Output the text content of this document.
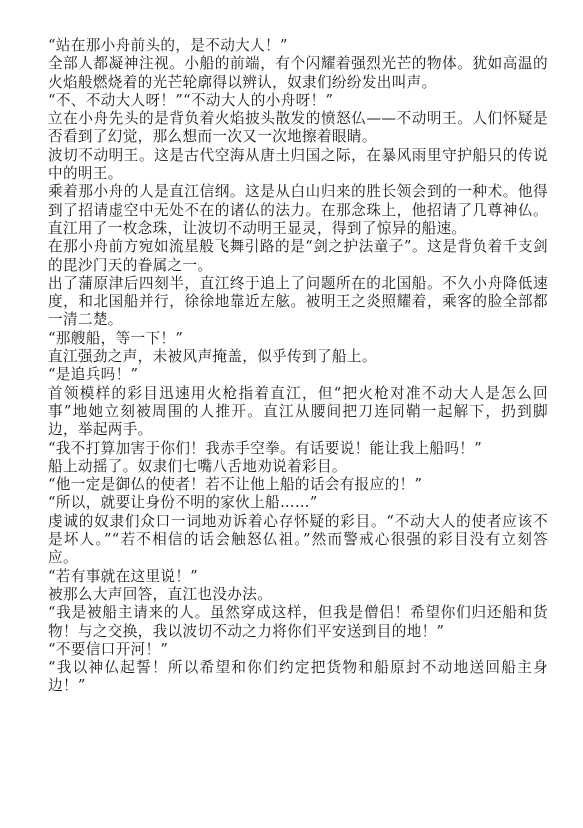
“站在那小舟前头的，是不动大人！”

全部人都凝神注视。小船的前端，有个闪耀着强烈光芒的物体。犹如高温的火焰般燃烧着的光芒轮廓得以辨认，奴隶们纷纷发出叫声。

“不、不动大人呀！”“不动大人的小舟呀！”

立在小舟先头的是背负着火焰披头散发的愤怒仏——不动明王。人们怀疑是否看到了幻觉，那么想而一次又一次地擦着眼睛。

波切不动明王。这是古代空海从唐土归国之际，在暴风雨里守护船只的传说中的明王。

乘着那小舟的人是直江信纲。这是从白山归来的胜长领会到的一种术。他得到了招请虚空中无处不在的诸仏的法力。在那念珠上，他招请了几尊神仏。直江用了一枚念珠，让波切不动明王显灵，得到了惊异的船速。

在那小舟前方宛如流星般飞舞引路的是“剑之护法童子”。这是背负着千支剑的毘沙门天的眷属之一。

出了蒲原津后四刻半，直江终于追上了问题所在的北国船。不久小舟降低速度，和北国船并行，徐徐地靠近左舷。被明王之炎照耀着，乘客的脸全部都一清二楚。

“那艘船，等一下！”

直江强劲之声，未被风声掩盖，似乎传到了船上。

“是追兵吗！”

首领模样的彩目迅速用火枪指着直江，但“把火枪对准不动大人是怎么回事”地她立刻被周围的人推开。直江从腰间把刀连同鞘一起解下，扔到脚边，举起两手。

“我不打算加害于你们！我赤手空拳。有话要说！能让我上船吗！”

船上动摇了。奴隶们七嘴八舌地劝说着彩目。

“他一定是御仏的使者！若不让他上船的话会有报应的！”

“所以，就要让身份不明的家伙上船……”

虔诚的奴隶们众口一词地劝诉着心存怀疑的彩目。“不动大人的使者应该不是坏人。”“若不相信的话会触怒仏祖。”然而警戒心很强的彩目没有立刻答应。

“若有事就在这里说！”

被那么大声回答，直江也没办法。

“我是被船主请来的人。虽然穿成这样，但我是僧侣！希望你们归还船和货物！与之交换，我以波切不动之力将你们平安送到目的地！”

“不要信口开河！”

“我以神仏起誓！所以希望和你们约定把货物和船原封不动地送回船主身边！”
